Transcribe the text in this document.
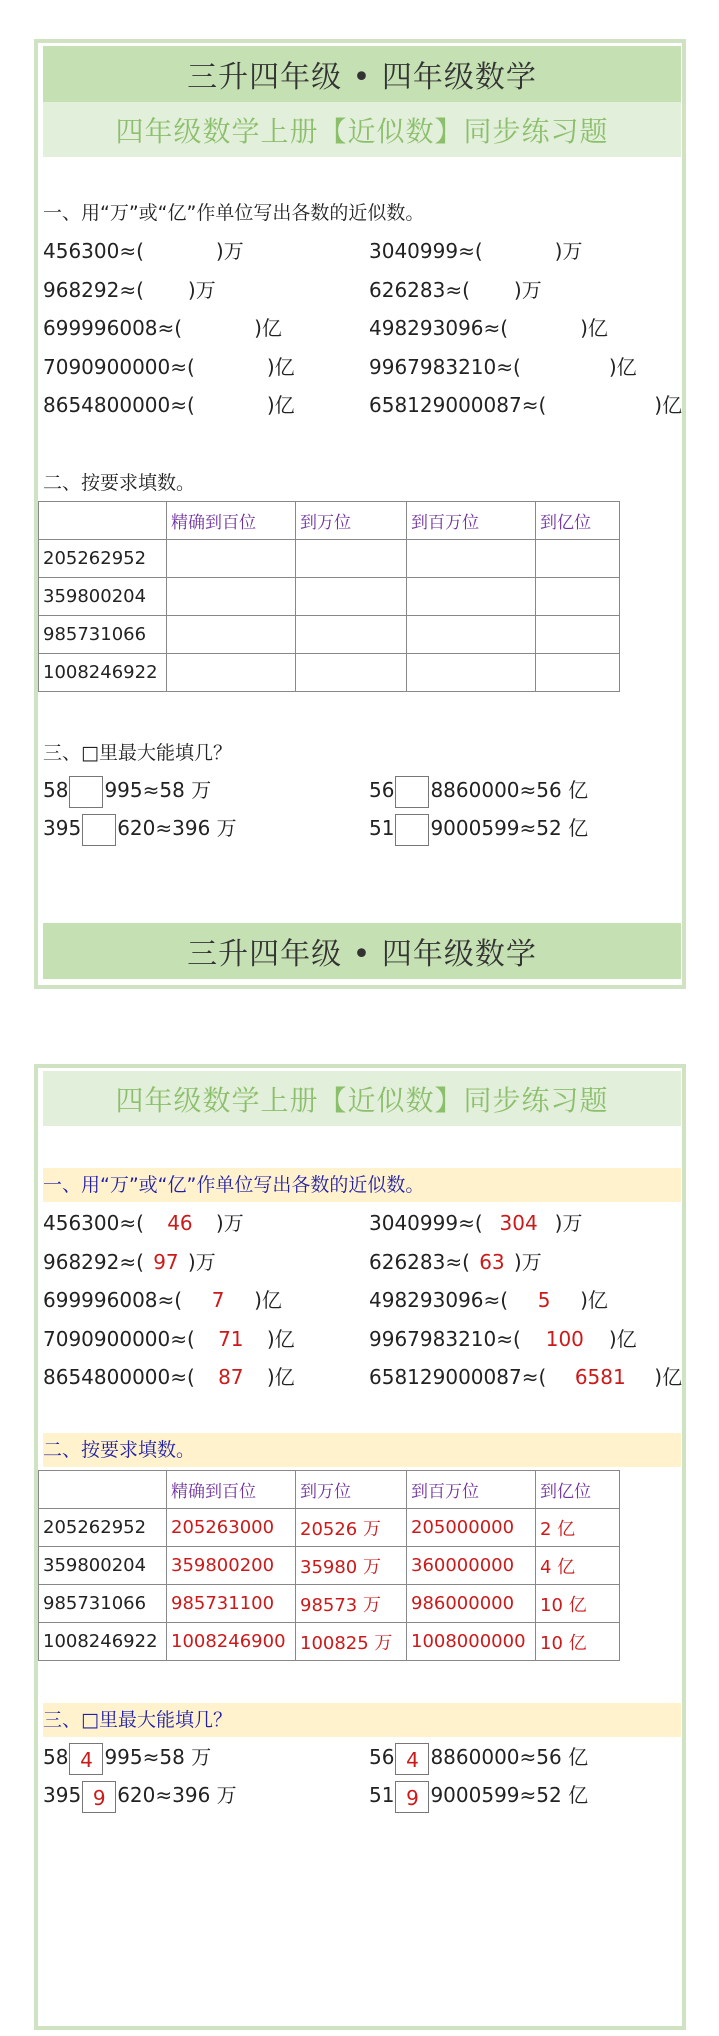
三升四年级 • 四年级数学
四年级数学上册【近似数】同步练习题
一、用“万”或“亿”作单位写出各数的近似数。
456300≈(	)万	3040999≈(	)万
968292≈( )万	626283≈( )万
699996008≈(	)亿	498293096≈(	)亿
7090900000≈(	)亿	9967983210≈(	)亿
8654800000≈(	)亿	658129000087≈(	)亿
二、按要求填数。
	精确到百位	到万位	到百万位	到亿位
205262952				
359800204				
985731066				
1008246922				
三、□里最大能填几？
58 995≈58 万	56 8860000≈56 亿
395 620≈396 万	51 9000599≈52 亿
三升四年级 • 四年级数学
四年级数学上册【近似数】同步练习题
一、用“万”或“亿”作单位写出各数的近似数。
456300≈( 46 )万	3040999≈( 304 )万
968292≈( 97 )万	626283≈( 63 )万
699996008≈( 7 )亿	498293096≈( 5 )亿
7090900000≈( 71 )亿	9967983210≈( 100 )亿
8654800000≈( 87 )亿	658129000087≈( 6581 )亿
二、按要求填数。
	精确到百位	到万位	到百万位	到亿位
205262952	205263000	20526 万	205000000	2 亿
359800204	359800200	35980 万	360000000	4 亿
985731066	985731100	98573 万	986000000	10 亿
1008246922	1008246900	100825 万	1008000000	10 亿
三、□里最大能填几？
58 4 995≈58 万	56 4 8860000≈56 亿
395 9 620≈396 万	51 9 9000599≈52 亿
